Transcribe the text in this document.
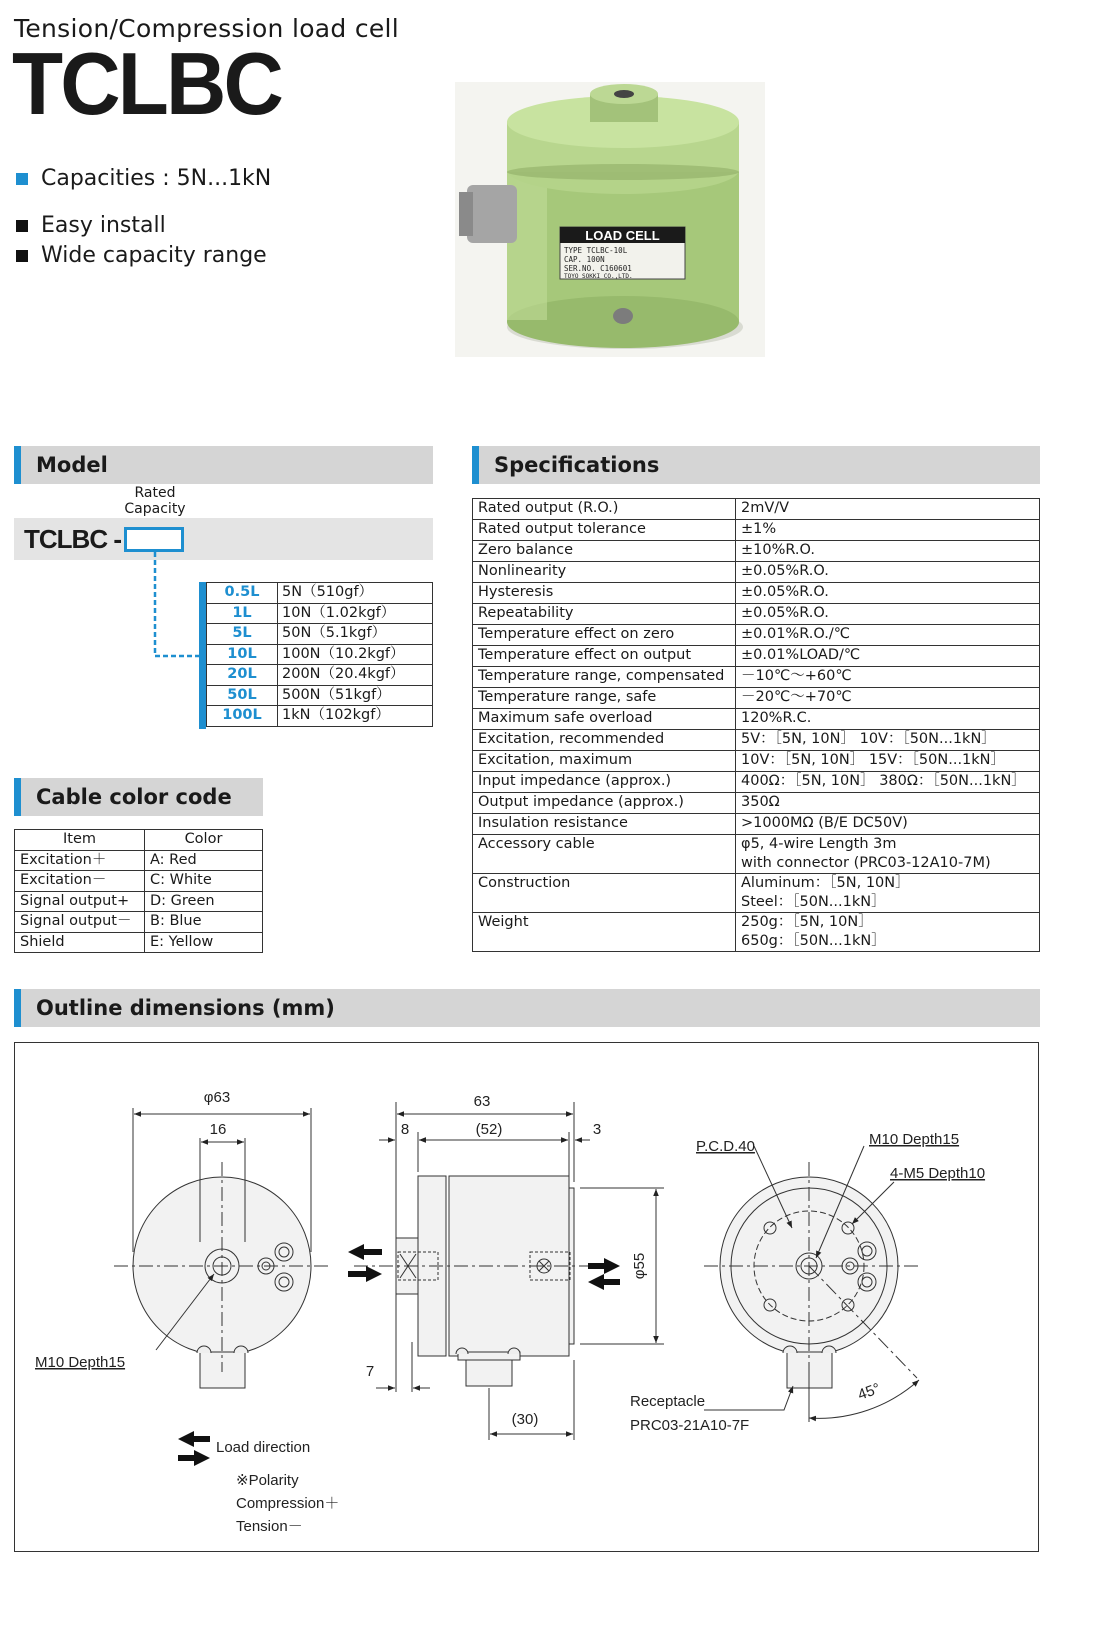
Tension/Compression load cell
TCLBC
Capacities : 5N...1kN
Easy install
Wide capacity range
LOAD CELL
TYPE TCLBC-10L
CAP. 100N
SER.NO. C160601
TOYO SOKKI CO.,LTD.
Model
Rated
Capacity
TCLBC -
0.5L	5N（510gf）
1L	10N（1.02kgf）
5L	50N（5.1kgf）
10L	100N（10.2kgf）
20L	200N（20.4kgf）
50L	500N（51kgf）
100L	1kN（102kgf）
Specifications
Rated output (R.O.)	2mV/V

Rated output tolerance	±1%

Zero balance	±10%R.O.

Nonlinearity	±0.05%R.O.

Hysteresis	±0.05%R.O.

Repeatability	±0.05%R.O.

Temperature effect on zero	±0.01%R.O./℃

Temperature effect on output	±0.01%LOAD/℃

Temperature range, compensated	－10℃～+60℃

Temperature range, safe	－20℃～+70℃

Maximum safe overload	120%R.C.

Excitation, recommended	5V：［5N, 10N］ 10V：［50N...1kN］

Excitation, maximum	10V：［5N, 10N］ 15V：［50N...1kN］

Input impedance (approx.)	400Ω：［5N, 10N］ 380Ω：［50N...1kN］

Output impedance (approx.)	350Ω

Insulation resistance	>1000MΩ (B/E DC50V)

Accessory cable	φ5, 4-wire Length 3m
with connector (PRC03-12A10-7M)

Construction	Aluminum：［5N, 10N］
Steel：［50N...1kN］

Weight	250g：［5N, 10N］
650g：［50N...1kN］
Cable color code
Item	Color
Excitation＋	A: Red
Excitation－	C: White
Signal output+	D: Green
Signal output－	B: Blue
Shield	E: Yellow
Outline dimensions (mm)
φ63
16
M10 Depth15
63
8	(52)	3
φ55
7
(30)
P.C.D.40	M10 Depth15
4-M5 Depth10
45°
Receptacle
PRC03-21A10-7F
Load direction
※Polarity
Compression＋
Tension－
